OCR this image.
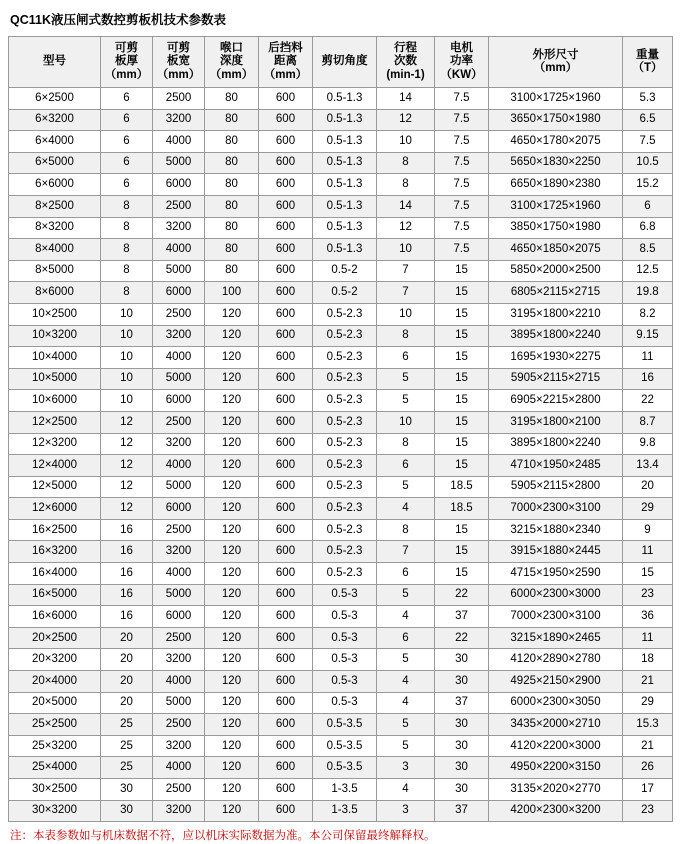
QC11K液压闸式数控剪板机技术参数表
型号	可剪
板厚
（mm）	可剪
板宽
（mm）	喉口
深度
（mm）	后挡料
距离
（mm）	剪切角度	行程
次数
(min-1)	电机
功率
（KW）	外形尺寸
（mm）	重量
（T）

6×2500	6	2500	80	600	0.5-1.3	14	7.5	3100×1725×1960	5.3
6×3200	6	3200	80	600	0.5-1.3	12	7.5	3650×1750×1980	6.5
6×4000	6	4000	80	600	0.5-1.3	10	7.5	4650×1780×2075	7.5
6×5000	6	5000	80	600	0.5-1.3	8	7.5	5650×1830×2250	10.5
6×6000	6	6000	80	600	0.5-1.3	8	7.5	6650×1890×2380	15.2
8×2500	8	2500	80	600	0.5-1.3	14	7.5	3100×1725×1960	6
8×3200	8	3200	80	600	0.5-1.3	12	7.5	3850×1750×1980	6.8
8×4000	8	4000	80	600	0.5-1.3	10	7.5	4650×1850×2075	8.5
8×5000	8	5000	80	600	0.5-2	7	15	5850×2000×2500	12.5
8×6000	8	6000	100	600	0.5-2	7	15	6805×2115×2715	19.8
10×2500	10	2500	120	600	0.5-2.3	10	15	3195×1800×2210	8.2
10×3200	10	3200	120	600	0.5-2.3	8	15	3895×1800×2240	9.15
10×4000	10	4000	120	600	0.5-2.3	6	15	1695×1930×2275	11
10×5000	10	5000	120	600	0.5-2.3	5	15	5905×2115×2715	16
10×6000	10	6000	120	600	0.5-2.3	5	15	6905×2215×2800	22
12×2500	12	2500	120	600	0.5-2.3	10	15	3195×1800×2100	8.7
12×3200	12	3200	120	600	0.5-2.3	8	15	3895×1800×2240	9.8
12×4000	12	4000	120	600	0.5-2.3	6	15	4710×1950×2485	13.4
12×5000	12	5000	120	600	0.5-2.3	5	18.5	5905×2115×2800	20
12×6000	12	6000	120	600	0.5-2.3	4	18.5	7000×2300×3100	29
16×2500	16	2500	120	600	0.5-2.3	8	15	3215×1880×2340	9
16×3200	16	3200	120	600	0.5-2.3	7	15	3915×1880×2445	11
16×4000	16	4000	120	600	0.5-2.3	6	15	4715×1950×2590	15
16×5000	16	5000	120	600	0.5-3	5	22	6000×2300×3000	23
16×6000	16	6000	120	600	0.5-3	4	37	7000×2300×3100	36
20×2500	20	2500	120	600	0.5-3	6	22	3215×1890×2465	11
20×3200	20	3200	120	600	0.5-3	5	30	4120×2890×2780	18
20×4000	20	4000	120	600	0.5-3	4	30	4925×2150×2900	21
20×5000	20	5000	120	600	0.5-3	4	37	6000×2300×3050	29
25×2500	25	2500	120	600	0.5-3.5	5	30	3435×2000×2710	15.3
25×3200	25	3200	120	600	0.5-3.5	5	30	4120×2200×3000	21
25×4000	25	4000	120	600	0.5-3.5	3	30	4950×2200×3150	26
30×2500	30	2500	120	600	1-3.5	4	30	3135×2020×2770	17
30×3200	30	3200	120	600	1-3.5	3	37	4200×2300×3200	23
注：本表参数如与机床数据不符，应以机床实际数据为准。本公司保留最终解释权。
